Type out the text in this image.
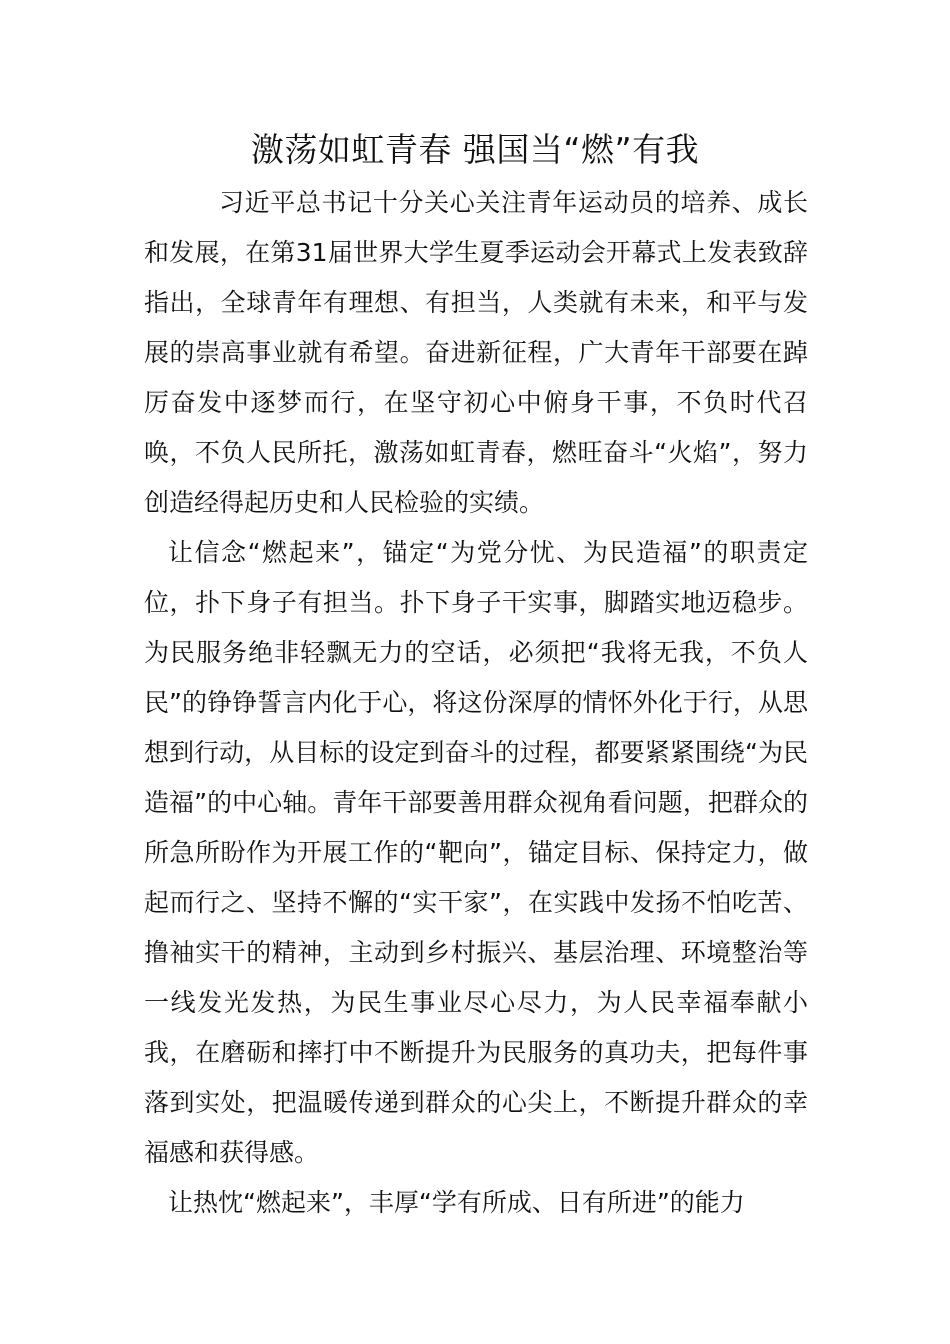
激荡如虹青春 强国当“燃”有我

习近平总书记十分关心关注青年运动员的培养、成长和发展，在第31届世界大学生夏季运动会开幕式上发表致辞指出，全球青年有理想、有担当，人类就有未来，和平与发展的崇高事业就有希望。奋进新征程，广大青年干部要在踔厉奋发中逐梦而行，在坚守初心中俯身干事，不负时代召唤，不负人民所托，激荡如虹青春，燃旺奋斗“火焰”，努力创造经得起历史和人民检验的实绩。

让信念“燃起来”，锚定“为党分忧、为民造福”的职责定位，扑下身子有担当。扑下身子干实事，脚踏实地迈稳步。为民服务绝非轻飘无力的空话，必须把“我将无我，不负人民”的铮铮誓言内化于心，将这份深厚的情怀外化于行，从思想到行动，从目标的设定到奋斗的过程，都要紧紧围绕“为民造福”的中心轴。青年干部要善用群众视角看问题，把群众的所急所盼作为开展工作的“靶向”，锚定目标、保持定力，做起而行之、坚持不懈的“实干家”，在实践中发扬不怕吃苦、撸袖实干的精神，主动到乡村振兴、基层治理、环境整治等一线发光发热，为民生事业尽心尽力，为人民幸福奉献小我，在磨砺和摔打中不断提升为民服务的真功夫，把每件事落到实处，把温暖传递到群众的心尖上，不断提升群众的幸福感和获得感。

让热忱“燃起来”，丰厚“学有所成、日有所进”的能力
